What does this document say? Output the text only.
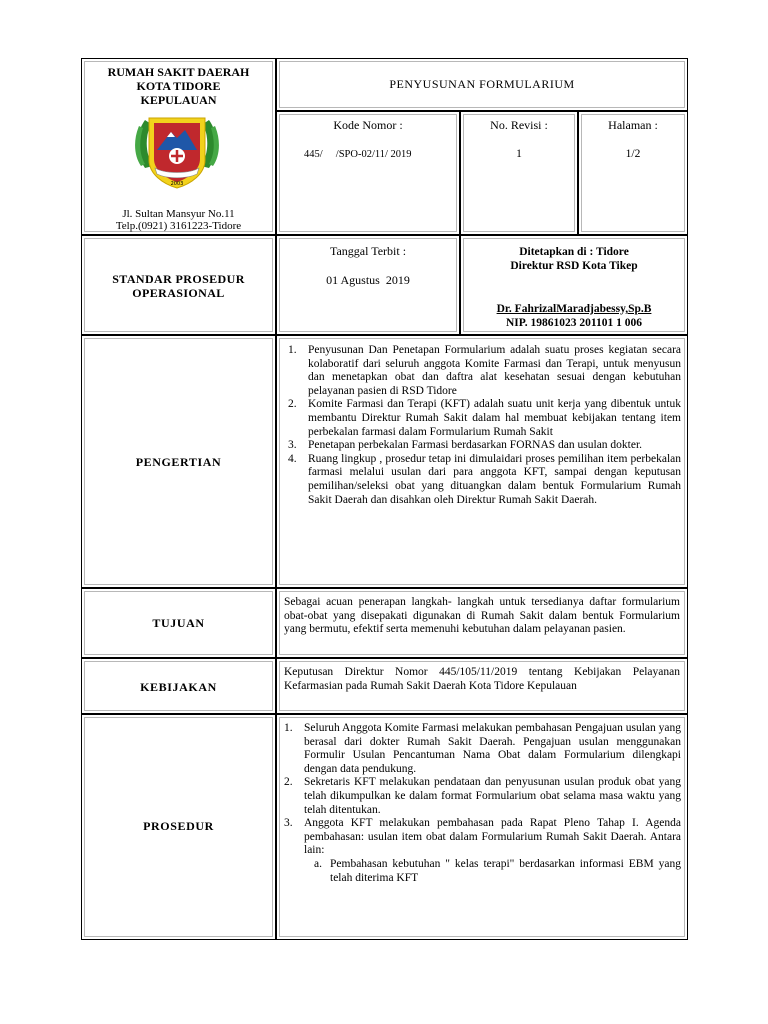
RUMAH SAKIT DAERAH
KOTA TIDORE
KEPULAUAN
2003
Jl. Sultan Mansyur No.11
Telp.(0921) 3161223-Tidore
PENYUSUNAN FORMULARIUM
Kode Nomor :
445/     /SPO-02/11/ 2019
No. Revisi :
1
Halaman :
1/2
STANDAR PROSEDUR
OPERASIONAL
Tanggal Terbit :
01 Agustus  2019
Ditetapkan di : Tidore
Direktur RSD Kota Tikep
Dr. FahrizalMaradjabessy,Sp.B
NIP. 19861023 201101 1 006
PENGERTIAN
1. Penyusunan Dan Penetapan Formularium adalah suatu proses kegiatan secara kolaboratif dari seluruh anggota Komite Farmasi dan Terapi, untuk menyusun dan menetapkan obat dan daftra alat kesehatan sesuai dengan kebutuhan pelayanan pasien di RSD Tidore
2. Komite Farmasi dan Terapi (KFT) adalah suatu unit kerja yang dibentuk untuk membantu Direktur Rumah Sakit dalam hal membuat kebijakan tentang item perbekalan farmasi dalam Formularium Rumah Sakit
3. Penetapan perbekalan Farmasi berdasarkan FORNAS dan usulan dokter.
4. Ruang lingkup , prosedur tetap ini dimulaidari proses pemilihan item perbekalan farmasi melalui usulan dari para anggota KFT, sampai dengan keputusan pemilihan/seleksi obat yang dituangkan dalam bentuk Formularium Rumah Sakit Daerah dan disahkan oleh Direktur Rumah Sakit Daerah.
TUJUAN
Sebagai acuan penerapan langkah- langkah untuk tersedianya daftar formularium obat-obat yang disepakati digunakan di Rumah Sakit dalam bentuk Formularium yang bermutu, efektif serta memenuhi kebutuhan dalam pelayanan pasien.
KEBIJAKAN
Keputusan Direktur Nomor 445/105/11/2019 tentang Kebijakan Pelayanan Kefarmasian pada Rumah Sakit Daerah Kota Tidore Kepulauan
PROSEDUR
1. Seluruh Anggota Komite Farmasi melakukan pembahasan Pengajuan usulan yang berasal dari dokter Rumah Sakit Daerah. Pengajuan usulan menggunakan Formulir Usulan Pencantuman Nama Obat dalam Formularium dilengkapi dengan data pendukung.
2. Sekretaris KFT melakukan pendataan dan penyusunan usulan produk obat yang telah dikumpulkan ke dalam format Formularium obat selama masa waktu yang telah ditentukan.
3. Anggota KFT melakukan pembahasan pada Rapat Pleno Tahap I. Agenda pembahasan: usulan item obat dalam Formularium Rumah Sakit Daerah. Antara lain:
a. Pembahasan kebutuhan " kelas terapi" berdasarkan informasi EBM yang telah diterima KFT
